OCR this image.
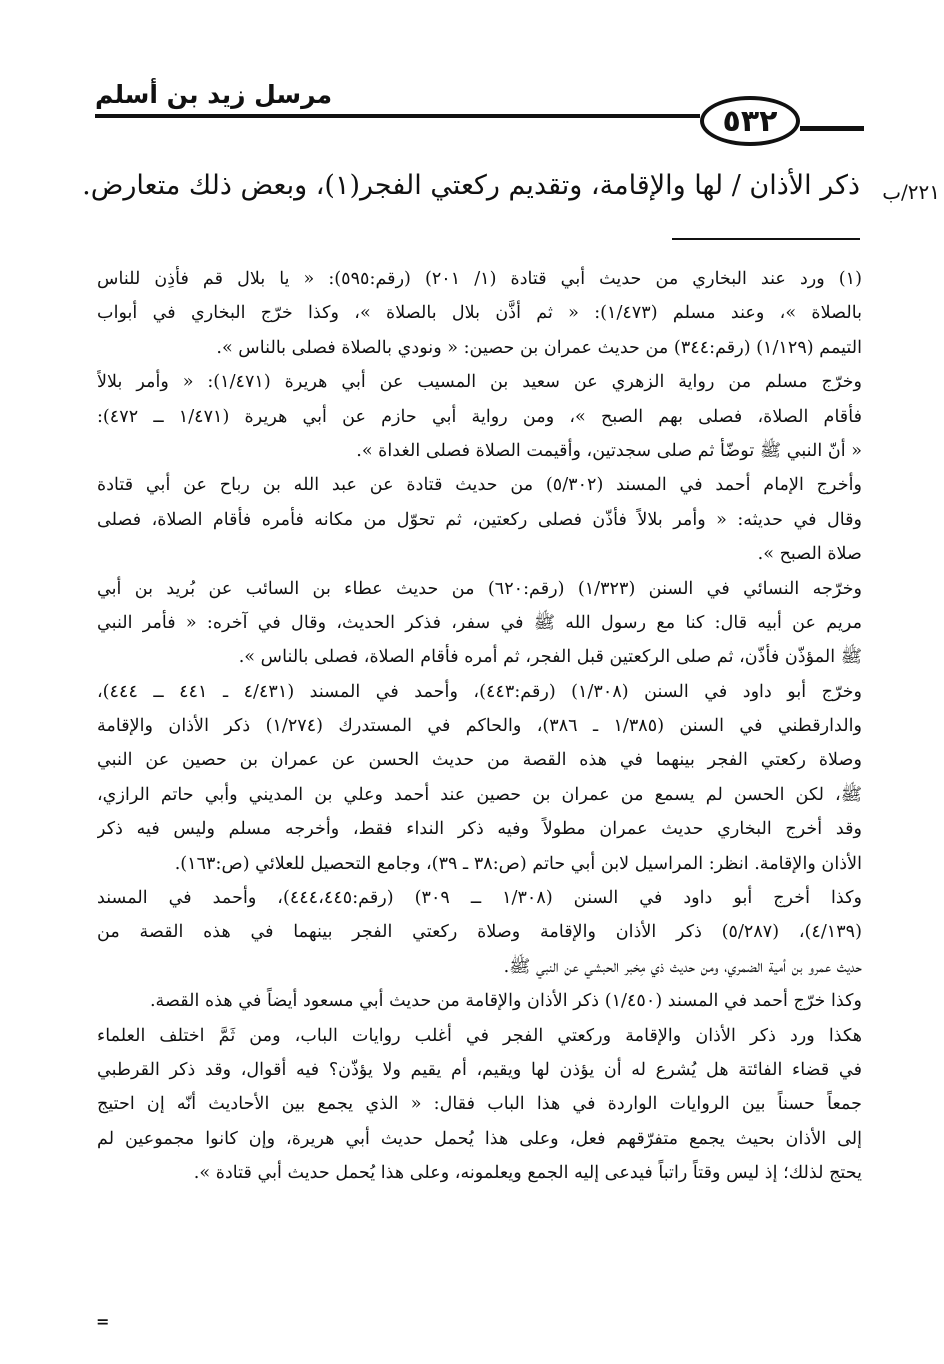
مرسل زيد بن أسلم
٥٣٢
٢٢١/ب
ذكر الأذان / لها والإقامة، وتقديم ركعتي الفجر(١)، وبعض ذلك متعارض.
(١) ورد عند البخاري من حديث أبي قتادة (١/ ٢٠١) (رقم:٥٩٥): « يا بلال قم فأذِن للناس
بالصلاة »، وعند مسلم (١/٤٧٣): « ثم أذَّن بلال بالصلاة »، وكذا خرّج البخاري في أبواب
التيمم (١/١٢٩) (رقم:٣٤٤) من حديث عمران بن حصين: « ونودي بالصلاة فصلى بالناس ».
وخرّج مسلم من رواية الزهري عن سعيد بن المسيب عن أبي هريرة (١/٤٧١): « وأمر بلالاً
فأقام الصلاة، فصلى بهم الصبح »، ومن رواية أبي حازم عن أبي هريرة (١/٤٧١ ــ ٤٧٢):
« أنّ النبي ﷺ توضّأ ثم صلى سجدتين، وأقيمت الصلاة فصلى الغداة ».
وأخرج الإمام أحمد في المسند (٥/٣٠٢) من حديث قتادة عن عبد الله بن رباح عن أبي قتادة
وقال في حديثه: « وأمر بلالاً فأذّن فصلى ركعتين، ثم تحوّل من مكانه فأمره فأقام الصلاة، فصلى
صلاة الصبح ».
وخرّجه النسائي في السنن (١/٣٢٣) (رقم:٦٢٠) من حديث عطاء بن السائب عن بُريد بن أبي
مريم عن أبيه قال: كنا مع رسول الله ﷺ في سفر، فذكر الحديث، وقال في آخره: « فأمر النبي
ﷺ المؤذّن فأذّن، ثم صلى الركعتين قبل الفجر، ثم أمره فأقام الصلاة، فصلى بالناس ».
وخرّج أبو داود في السنن (١/٣٠٨) (رقم:٤٤٣)، وأحمد في المسند (٤/٤٣١ ـ ٤٤١ ــ ٤٤٤)،
والدارقطني في السنن (١/٣٨٥ ـ ٣٨٦)، والحاكم في المستدرك (١/٢٧٤) ذكر الأذان والإقامة
وصلاة ركعتي الفجر بينهما في هذه القصة من حديث الحسن عن عمران بن حصين عن النبي
ﷺ، لكن الحسن لم يسمع من عمران بن حصين عند أحمد وعلي بن المديني وأبي حاتم الرازي،
وقد أخرج البخاري حديث عمران مطولاً وفيه ذكر النداء فقط، وأخرجه مسلم وليس فيه ذكر
الأذان والإقامة. انظر: المراسيل لابن أبي حاتم (ص:٣٨ ـ ٣٩)، وجامع التحصيل للعلائي (ص:١٦٣).
وكذا أخرج أبو داود في السنن (١/٣٠٨ ــ ٣٠٩) (رقم:٤٤٤،٤٤٥)، وأحمد في المسند
(٤/١٣٩)، (٥/٢٨٧) ذكر الأذان والإقامة وصلاة ركعتي الفجر بينهما في هذه القصة من
حديث عمرو بن أمية الضمري، ومن حديث ذي مِخبر الحبشي عن النبي ﷺ.
وكذا خرّج أحمد في المسند (١/٤٥٠) ذكر الأذان والإقامة من حديث أبي مسعود أيضاً في هذه القصة.
هكذا ورد ذكر الأذان والإقامة وركعتي الفجر في أغلب روايات الباب، ومن ثَمَّ اختلف العلماء
في قضاء الفائتة هل يُشرع له أن يؤذن لها ويقيم، أم يقيم ولا يؤذّن؟ فيه أقوال، وقد ذكر القرطبي
جمعاً حسناً بين الروايات الواردة في هذا الباب فقال: « الذي يجمع بين الأحاديث أنّه إن احتيج
إلى الأذان بحيث يجمع متفرّقهم فعل، وعلى هذا يُحمل حديث أبي هريرة، وإن كانوا مجموعين لم
يحتج لذلك؛ إذ ليس وقتاً راتباً فيدعى إليه الجمع ويعلمونه، وعلى هذا يُحمل حديث أبي قتادة ».
=
